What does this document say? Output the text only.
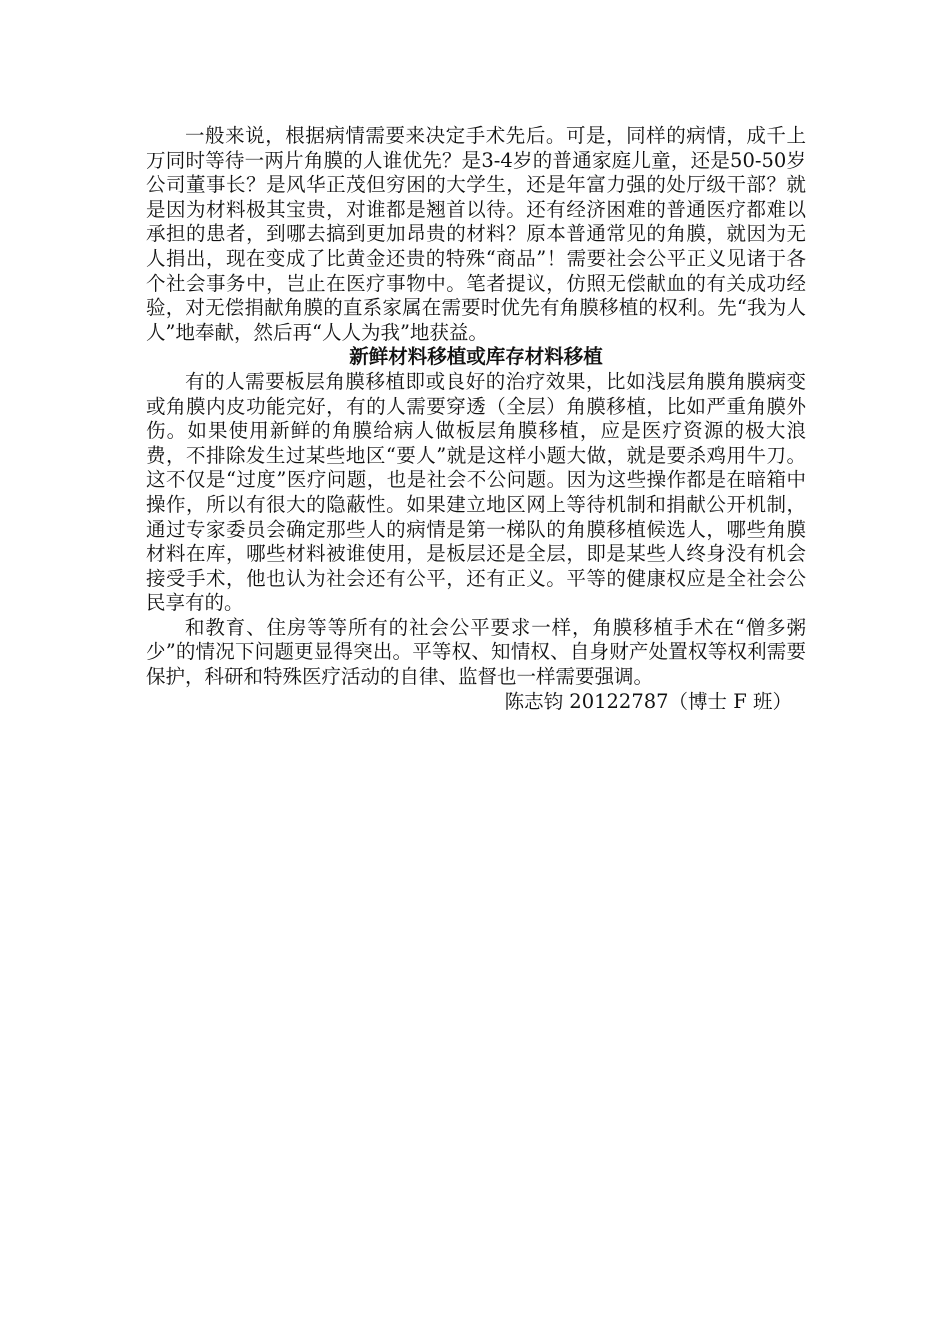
一般来说，根据病情需要来决定手术先后。可是，同样的病情，成千上万同时等待一两片角膜的人谁优先？是3-4岁的普通家庭儿童，还是50-50岁公司董事长？是风华正茂但穷困的大学生，还是年富力强的处厅级干部？就是因为材料极其宝贵，对谁都是翘首以待。还有经济困难的普通医疗都难以承担的患者，到哪去搞到更加昂贵的材料？原本普通常见的角膜，就因为无人捐出，现在变成了比黄金还贵的特殊“商品”！需要社会公平正义见诸于各个社会事务中，岂止在医疗事物中。笔者提议，仿照无偿献血的有关成功经验，对无偿捐献角膜的直系家属在需要时优先有角膜移植的权利。先“我为人人”地奉献，然后再“人人为我”地获益。

新鲜材料移植或库存材料移植

有的人需要板层角膜移植即或良好的治疗效果，比如浅层角膜角膜病变或角膜内皮功能完好，有的人需要穿透（全层）角膜移植，比如严重角膜外伤。如果使用新鲜的角膜给病人做板层角膜移植，应是医疗资源的极大浪费，不排除发生过某些地区“要人”就是这样小题大做，就是要杀鸡用牛刀。这不仅是“过度”医疗问题，也是社会不公问题。因为这些操作都是在暗箱中操作，所以有很大的隐蔽性。如果建立地区网上等待机制和捐献公开机制，通过专家委员会确定那些人的病情是第一梯队的角膜移植候选人，哪些角膜材料在库，哪些材料被谁使用，是板层还是全层，即是某些人终身没有机会接受手术，他也认为社会还有公平，还有正义。平等的健康权应是全社会公民享有的。

和教育、住房等等所有的社会公平要求一样，角膜移植手术在“僧多粥少”的情况下问题更显得突出。平等权、知情权、自身财产处置权等权利需要保护，科研和特殊医疗活动的自律、监督也一样需要强调。

陈志钧 20122787（博士 F 班）
